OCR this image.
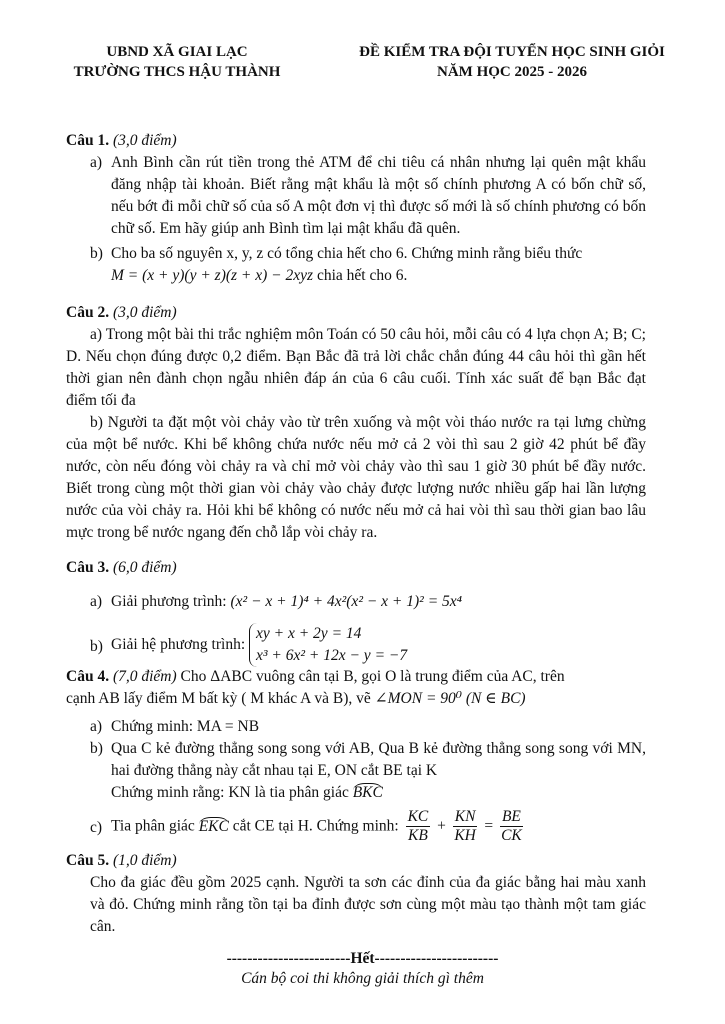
UBND XÃ GIAI LẠC
TRƯỜNG THCS HẬU THÀNH
ĐỀ KIỂM TRA ĐỘI TUYỂN HỌC SINH GIỎI
NĂM HỌC 2025 - 2026
Câu 1. (3,0 điểm)
a) Anh Bình cần rút tiền trong thẻ ATM để chi tiêu cá nhân nhưng lại quên mật khẩu đăng nhập tài khoản. Biết rằng mật khẩu là một số chính phương A có bốn chữ số, nếu bớt đi mỗi chữ số của số A một đơn vị thì được số mới là số chính phương có bốn chữ số. Em hãy giúp anh Bình tìm lại mật khẩu đã quên.
b) Cho ba số nguyên x, y, z có tổng chia hết cho 6. Chứng minh rằng biểu thức
M = (x + y)(y + z)(z + x) − 2xyz chia hết cho 6.
Câu 2. (3,0 điểm)
a) Trong một bài thi trắc nghiệm môn Toán có 50 câu hỏi, mỗi câu có 4 lựa chọn A; B; C; D. Nếu chọn đúng được 0,2 điểm. Bạn Bắc đã trả lời chắc chắn đúng 44 câu hỏi thì gần hết thời gian nên đành chọn ngẫu nhiên đáp án của 6 câu cuối. Tính xác suất để bạn Bắc đạt điểm tối đa
b) Người ta đặt một vòi chảy vào từ trên xuống và một vòi tháo nước ra tại lưng chừng của một bể nước. Khi bể không chứa nước nếu mở cả 2 vòi thì sau 2 giờ 42 phút bể đầy nước, còn nếu đóng vòi chảy ra và chỉ mở vòi chảy vào thì sau 1 giờ 30 phút bể đầy nước. Biết trong cùng một thời gian vòi chảy vào chảy được lượng nước nhiều gấp hai lần lượng nước của vòi chảy ra. Hỏi khi bể không có nước nếu mở cả hai vòi thì sau thời gian bao lâu mực trong bể nước ngang đến chỗ lắp vòi chảy ra.
Câu 3. (6,0 điểm)
a) Giải phương trình: (x² − x + 1)⁴ + 4x²(x² − x + 1)² = 5x⁴
b) Giải hệ phương trình:
xy + x + 2y = 14
x³ + 6x² + 12x − y = −7
Câu 4. (7,0 điểm) Cho ΔABC vuông cân tại B, gọi O là trung điểm của AC, trên
cạnh AB lấy điểm M bất kỳ ( M khác A và B), vẽ ∠MON = 90⁰ (N ∈ BC)
a) Chứng minh: MA = NB
b) Qua C kẻ đường thẳng song song với AB, Qua B kẻ đường thẳng song song với MN, hai đường thẳng này cắt nhau tại E, ON cắt BE tại K
Chứng minh rằng: KN là tia phân giác BKC
c) Tia phân giác EKC cắt CE tại H. Chứng minh: $\frac{KC}{KB} + \frac{KN}{KH} = \frac{BE}{CK}$
Câu 5. (1,0 điểm)
Cho đa giác đều gồm 2025 cạnh. Người ta sơn các đỉnh của đa giác bằng hai màu xanh và đỏ. Chứng minh rằng tồn tại ba đỉnh được sơn cùng một màu tạo thành một tam giác cân.
------------------------Hết------------------------
Cán bộ coi thi không giải thích gì thêm
